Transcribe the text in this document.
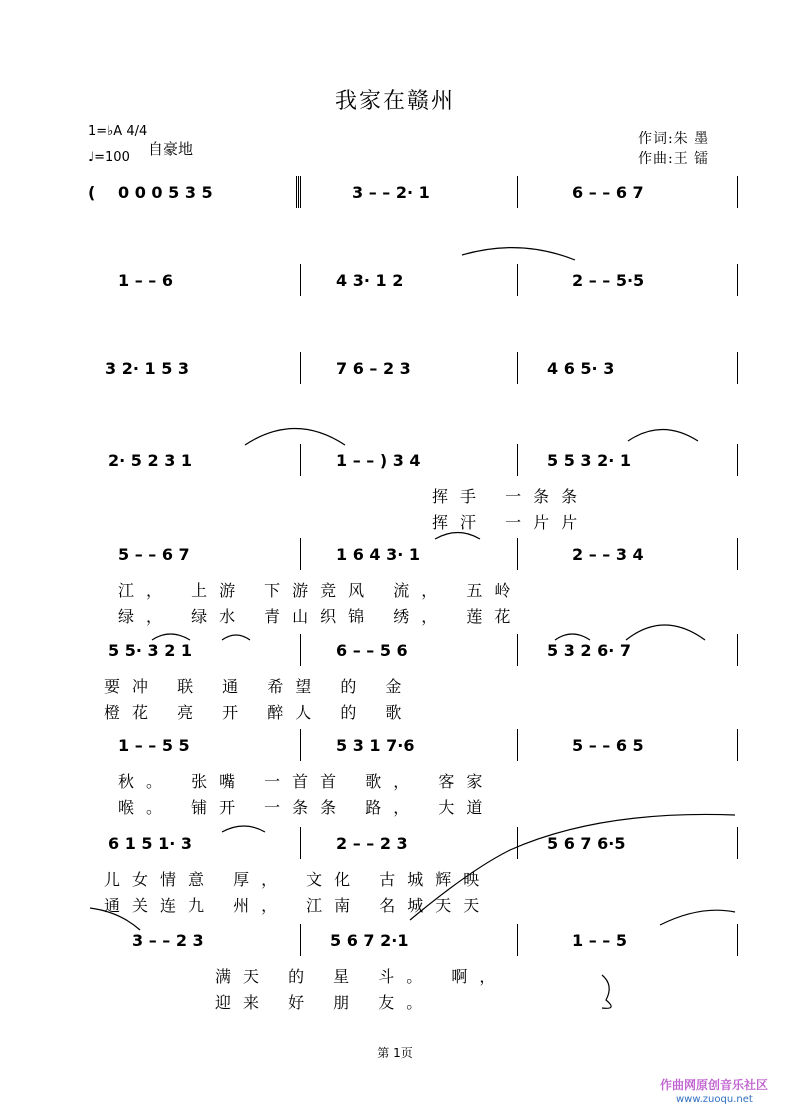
我家在赣州
1=♭A 4/4
♩=100 自豪地
作词:朱 墨
作曲:王 镭
( 0 0 0 5 3 5	3 – – 2· 1	6 – – 6 7
1 – – 6	4 3· 1 2	2 – – 5·5
3 2· 1 5 3	7 6 – 2 3	4 6 5· 3
2· 5 2 3 1	1 – – ) 3 4	5 5 3 2· 1
挥手 一条条
挥汗 一片片
5 – – 6 7	1 6 4 3· 1	2 – – 3 4
江， 上游 下游竞风 流， 五岭
绿， 绿水 青山织锦 绣， 莲花
5 5· 3 2 1	6 – – 5 6	5 3 2 6· 7
要冲 联 通 希望 的 金
橙花 亮 开 醉人 的 歌
1 – – 5 5	5 3 1 7·6	5 – – 6 5
秋。 张嘴 一首首 歌， 客家
喉。 铺开 一条条 路， 大道
6 1 5 1· 3	2 – – 2 3	5 6 7 6·5
儿女情意 厚， 文化 古城辉映
通关连九 州， 江南 名城天天
3 – – 2 3	5 6 7 2·1	1 – – 5
满天 的 星 斗。 啊，
迎来 好 朋 友。
第 1页
作曲网原创音乐社区
www.zuoqu.net
